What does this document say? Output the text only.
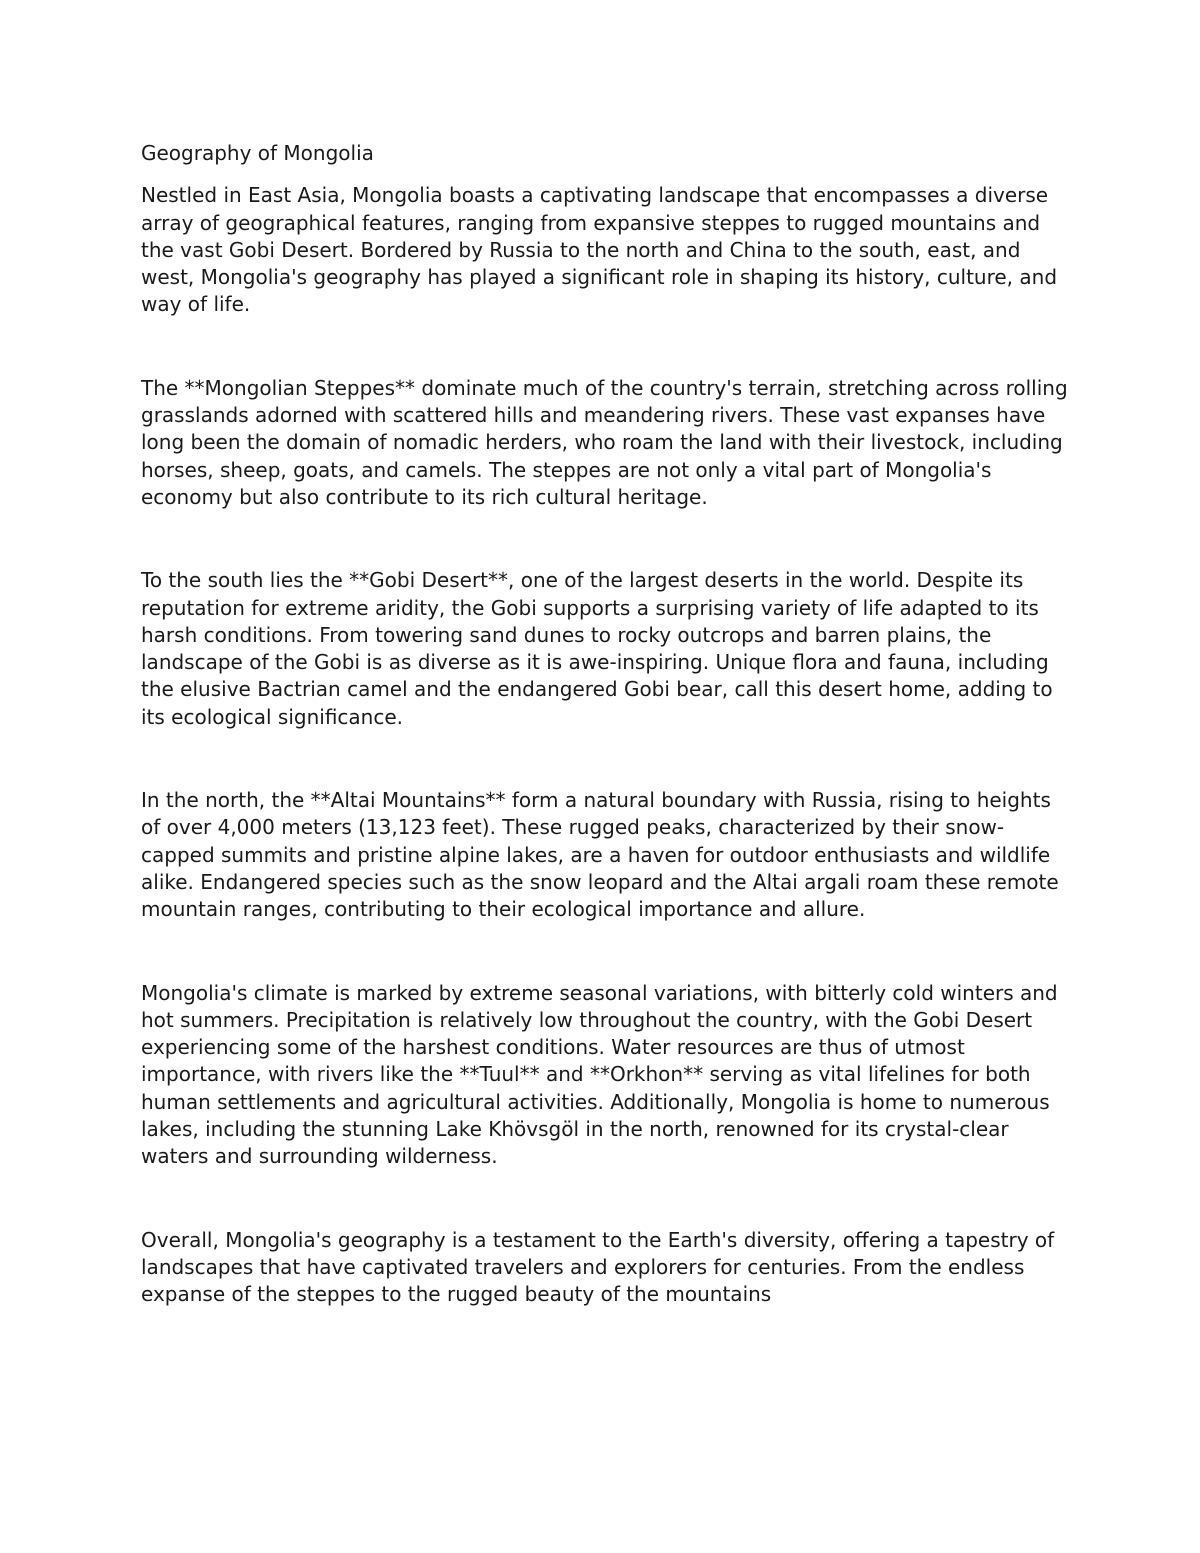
Geography of Mongolia

Nestled in East Asia, Mongolia boasts a captivating landscape that encompasses a diverse array of geographical features, ranging from expansive steppes to rugged mountains and the vast Gobi Desert. Bordered by Russia to the north and China to the south, east, and west, Mongolia's geography has played a significant role in shaping its history, culture, and way of life.

The **Mongolian Steppes** dominate much of the country's terrain, stretching across rolling grasslands adorned with scattered hills and meandering rivers. These vast expanses have long been the domain of nomadic herders, who roam the land with their livestock, including horses, sheep, goats, and camels. The steppes are not only a vital part of Mongolia's economy but also contribute to its rich cultural heritage.

To the south lies the **Gobi Desert**, one of the largest deserts in the world. Despite its reputation for extreme aridity, the Gobi supports a surprising variety of life adapted to its harsh conditions. From towering sand dunes to rocky outcrops and barren plains, the landscape of the Gobi is as diverse as it is awe-inspiring. Unique flora and fauna, including the elusive Bactrian camel and the endangered Gobi bear, call this desert home, adding to its ecological significance.

In the north, the **Altai Mountains** form a natural boundary with Russia, rising to heights of over 4,000 meters (13,123 feet). These rugged peaks, characterized by their snow-capped summits and pristine alpine lakes, are a haven for outdoor enthusiasts and wildlife alike. Endangered species such as the snow leopard and the Altai argali roam these remote mountain ranges, contributing to their ecological importance and allure.

Mongolia's climate is marked by extreme seasonal variations, with bitterly cold winters and hot summers. Precipitation is relatively low throughout the country, with the Gobi Desert experiencing some of the harshest conditions. Water resources are thus of utmost importance, with rivers like the **Tuul** and **Orkhon** serving as vital lifelines for both human settlements and agricultural activities. Additionally, Mongolia is home to numerous lakes, including the stunning Lake Khövsgöl in the north, renowned for its crystal-clear waters and surrounding wilderness.

Overall, Mongolia's geography is a testament to the Earth's diversity, offering a tapestry of landscapes that have captivated travelers and explorers for centuries. From the endless expanse of the steppes to the rugged beauty of the mountains
